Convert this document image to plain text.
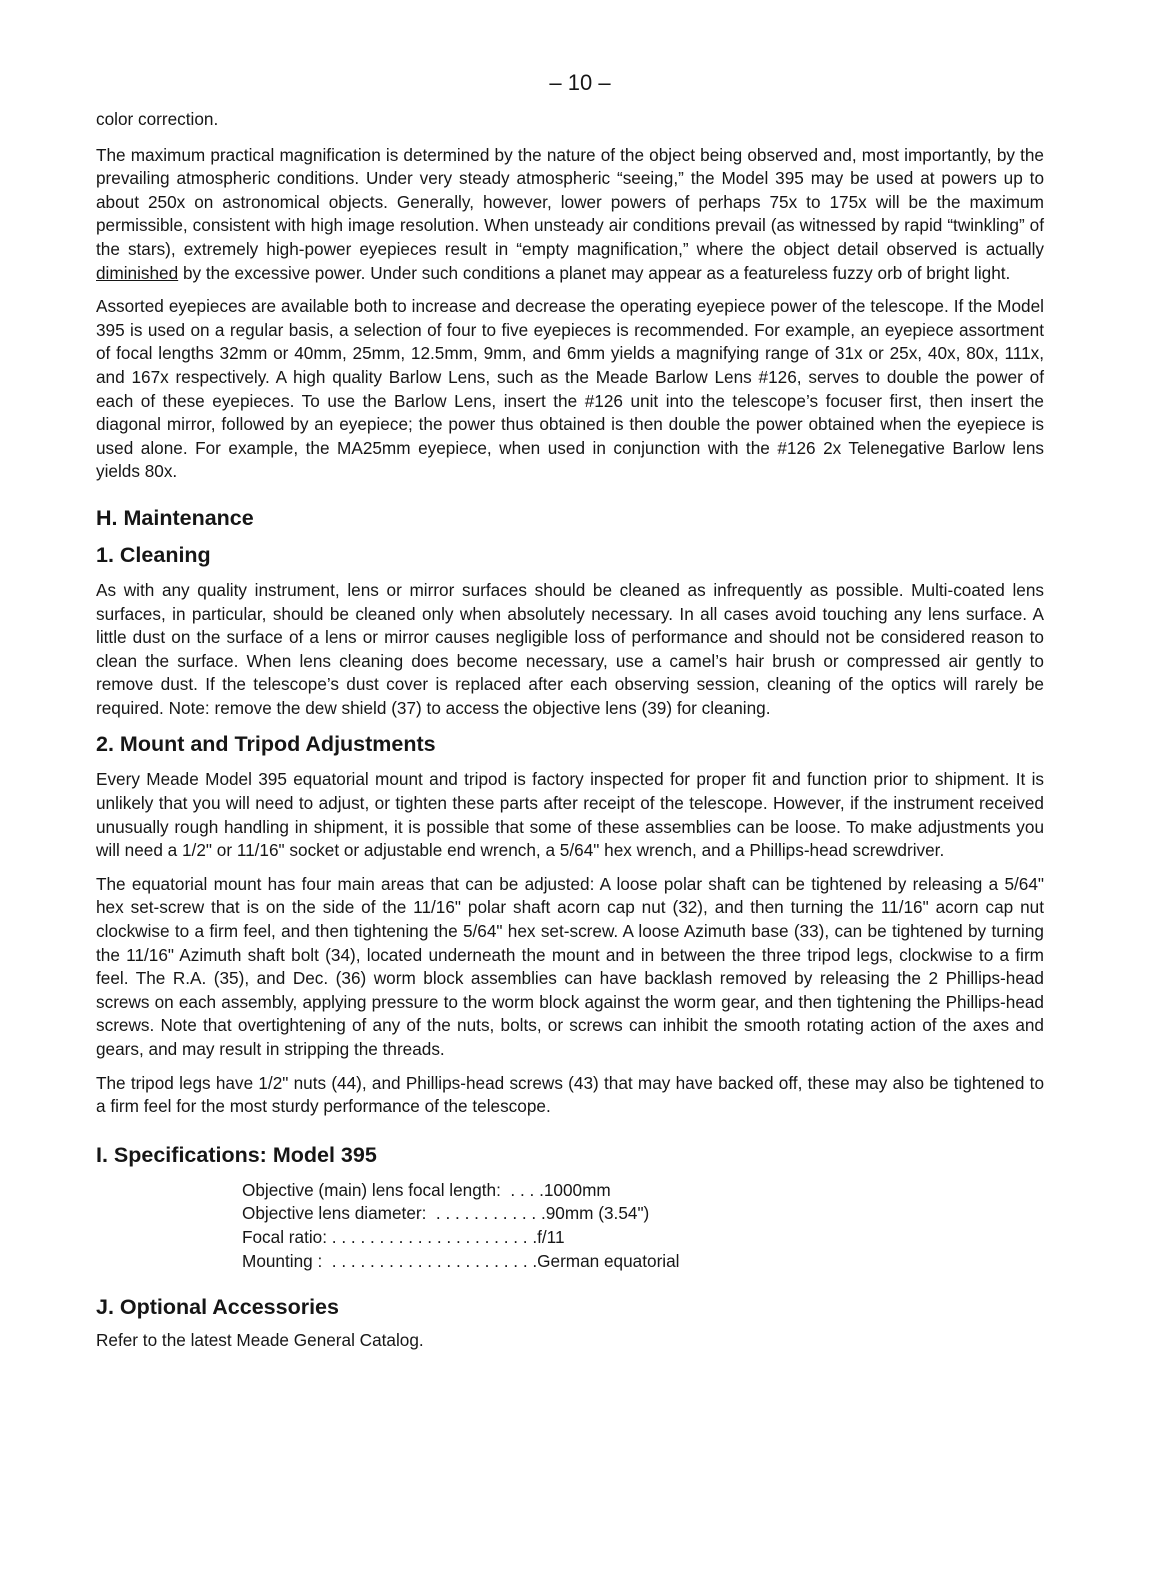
– 10 –

color correction.

The maximum practical magnification is determined by the nature of the object being observed and, most importantly, by the prevailing atmospheric conditions. Under very steady atmospheric “seeing,” the Model 395 may be used at powers up to about 250x on astronomical objects. Generally, however, lower powers of perhaps 75x to 175x will be the maximum permissible, consistent with high image resolution. When unsteady air conditions prevail (as witnessed by rapid “twinkling” of the stars), extremely high-power eyepieces result in “empty magnification,” where the object detail observed is actually diminished by the excessive power. Under such conditions a planet may appear as a featureless fuzzy orb of bright light.

Assorted eyepieces are available both to increase and decrease the operating eyepiece power of the telescope. If the Model 395 is used on a regular basis, a selection of four to five eyepieces is recommended. For example, an eyepiece assortment of focal lengths 32mm or 40mm, 25mm, 12.5mm, 9mm, and 6mm yields a magnifying range of 31x or 25x, 40x, 80x, 111x, and 167x respectively. A high quality Barlow Lens, such as the Meade Barlow Lens #126, serves to double the power of each of these eyepieces. To use the Barlow Lens, insert the #126 unit into the telescope’s focuser first, then insert the diagonal mirror, followed by an eyepiece; the power thus obtained is then double the power obtained when the eyepiece is used alone. For example, the MA25mm eyepiece, when used in conjunction with the #126 2x Telenegative Barlow lens yields 80x.

H. Maintenance
1. Cleaning

As with any quality instrument, lens or mirror surfaces should be cleaned as infrequently as possible. Multi-coated lens surfaces, in particular, should be cleaned only when absolutely necessary. In all cases avoid touching any lens surface. A little dust on the surface of a lens or mirror causes negligible loss of performance and should not be considered reason to clean the surface. When lens cleaning does become necessary, use a camel’s hair brush or compressed air gently to remove dust. If the telescope’s dust cover is replaced after each observing session, cleaning of the optics will rarely be required. Note: remove the dew shield (37) to access the objective lens (39) for cleaning.

2. Mount and Tripod Adjustments

Every Meade Model 395 equatorial mount and tripod is factory inspected for proper fit and function prior to shipment. It is unlikely that you will need to adjust, or tighten these parts after receipt of the telescope. However, if the instrument received unusually rough handling in shipment, it is possible that some of these assemblies can be loose. To make adjustments you will need a 1/2" or 11/16" socket or adjustable end wrench, a 5/64" hex wrench, and a Phillips-head screwdriver.

The equatorial mount has four main areas that can be adjusted: A loose polar shaft can be tightened by releasing a 5/64" hex set-screw that is on the side of the 11/16" polar shaft acorn cap nut (32), and then turning the 11/16" acorn cap nut clockwise to a firm feel, and then tightening the 5/64" hex set-screw. A loose Azimuth base (33), can be tightened by turning the 11/16" Azimuth shaft bolt (34), located underneath the mount and in between the three tripod legs, clockwise to a firm feel. The R.A. (35), and Dec. (36) worm block assemblies can have backlash removed by releasing the 2 Phillips-head screws on each assembly, applying pressure to the worm block against the worm gear, and then tightening the Phillips-head screws. Note that overtightening of any of the nuts, bolts, or screws can inhibit the smooth rotating action of the axes and gears, and may result in stripping the threads.

The tripod legs have 1/2" nuts (44), and Phillips-head screws (43) that may have backed off, these may also be tightened to a firm feel for the most sturdy performance of the telescope.

I. Specifications: Model 395
Objective (main) lens focal length:  . . . .1000mm
Objective lens diameter:  . . . . . . . . . . . .90mm (3.54")
Focal ratio: . . . . . . . . . . . . . . . . . . . . . .f/11
Mounting :  . . . . . . . . . . . . . . . . . . . . . .German equatorial
J. Optional Accessories

Refer to the latest Meade General Catalog.
